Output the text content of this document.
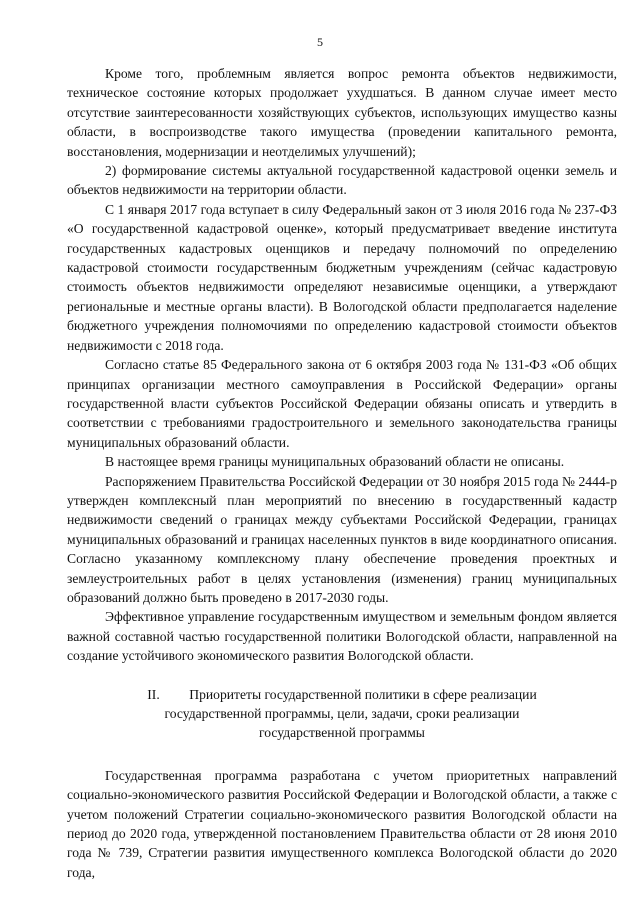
5

Кроме того, проблемным является вопрос ремонта объектов недвижимости, техническое состояние которых продолжает ухудшаться. В данном случае имеет место отсутствие заинтересованности хозяйствующих субъектов, использующих имущество казны области, в воспроизводстве такого имущества (проведении капитального ремонта, восстановления, модернизации и неотделимых улучшений);

2) формирование системы актуальной государственной кадастровой оценки земель и объектов недвижимости на территории области.

С 1 января 2017 года вступает в силу Федеральный закон от 3 июля 2016 года № 237-ФЗ «О государственной кадастровой оценке», который предусматривает введение института государственных кадастровых оценщиков и передачу полномочий по определению кадастровой стоимости государственным бюджетным учреждениям (сейчас кадастровую стоимость объектов недвижимости определяют независимые оценщики, а утверждают региональные и местные органы власти). В Вологодской области предполагается наделение бюджетного учреждения полномочиями по определению кадастровой стоимости объектов недвижимости с 2018 года.

Согласно статье 85 Федерального закона от 6 октября 2003 года № 131-ФЗ «Об общих принципах организации местного самоуправления в Российской Федерации» органы государственной власти субъектов Российской Федерации обязаны описать и утвердить в соответствии с требованиями градостроительного и земельного законодательства границы муниципальных образований области.

В настоящее время границы муниципальных образований области не описаны.

Распоряжением Правительства Российской Федерации от 30 ноября 2015 года № 2444-р утвержден комплексный план мероприятий по внесению в государственный кадастр недвижимости сведений о границах между субъектами Российской Федерации, границах муниципальных образований и границах населенных пунктов в виде координатного описания. Согласно указанному комплексному плану обеспечение проведения проектных и землеустроительных работ в целях установления (изменения) границ муниципальных образований должно быть проведено в 2017-2030 годы.

Эффективное управление государственным имуществом и земельным фондом является важной составной частью государственной политики Вологодской области, направленной на создание устойчивого экономического развития Вологодской области.

II. Приоритеты государственной политики в сфере реализации
государственной программы, цели, задачи, сроки реализации
государственной программы

Государственная программа разработана с учетом приоритетных направлений социально-экономического развития Российской Федерации и Вологодской области, а также с учетом положений Стратегии социально-экономического развития Вологодской области на период до 2020 года, утвержденной постановлением Правительства области от 28 июня 2010 года № 739, Стратегии развития имущественного комплекса Вологодской области до 2020 года,
